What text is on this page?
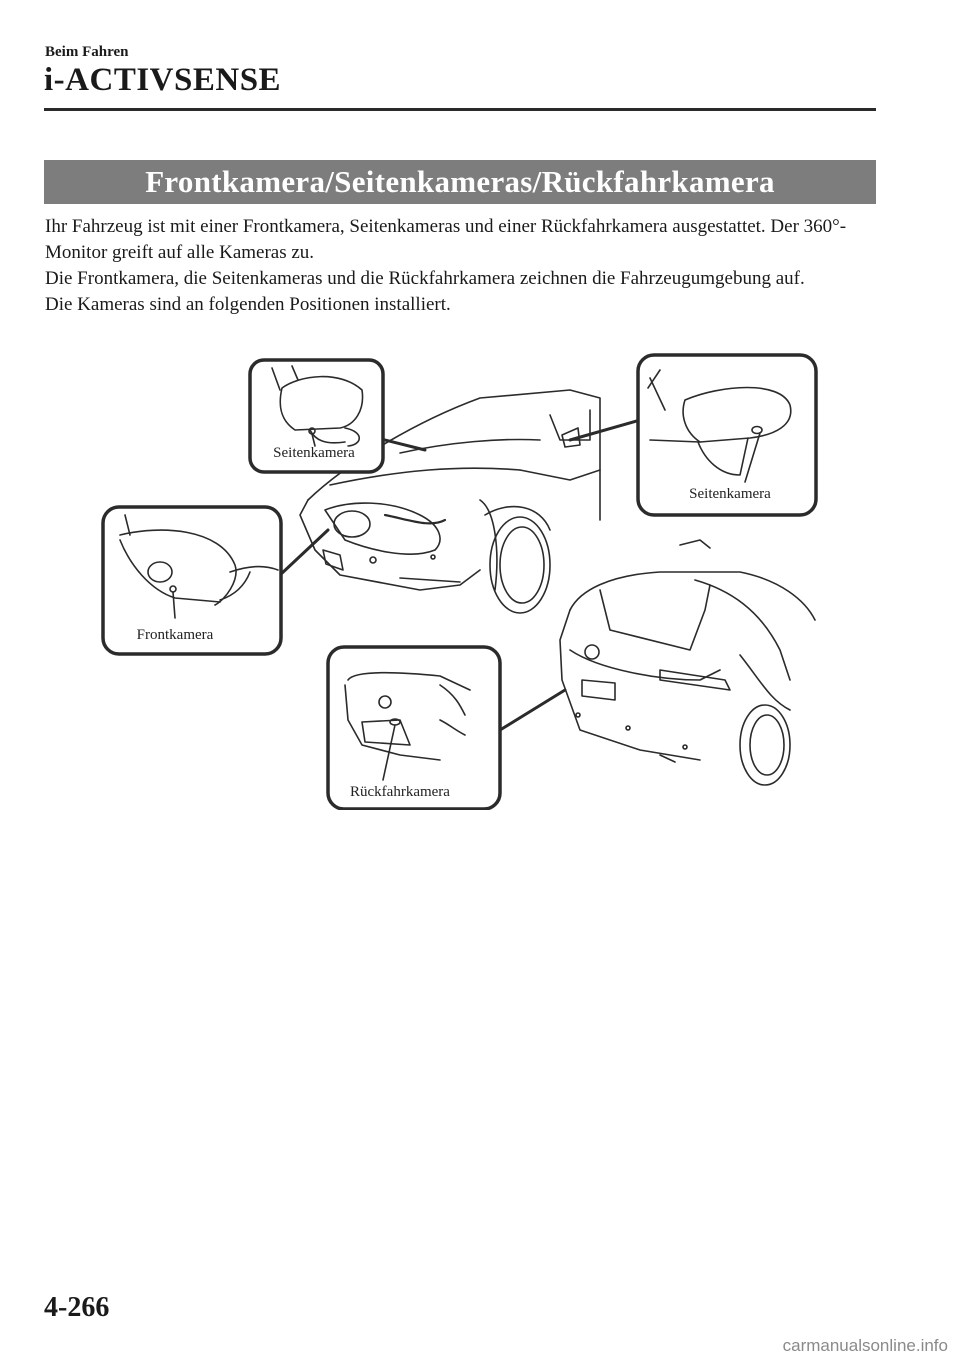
Beim Fahren
i-ACTIVSENSE
Frontkamera/Seitenkameras/Rückfahrkamera

Ihr Fahrzeug ist mit einer Frontkamera, Seitenkameras und einer Rückfahrkamera ausgestattet. Der 360°-Monitor greift auf alle Kameras zu.

Die Frontkamera, die Seitenkameras und die Rückfahrkamera zeichnen die Fahrzeugumgebung auf.

Die Kameras sind an folgenden Positionen installiert.

Seitenkamera
Seitenkamera
Frontkamera
Rückfahrkamera
4-266
carmanualsonline.info
